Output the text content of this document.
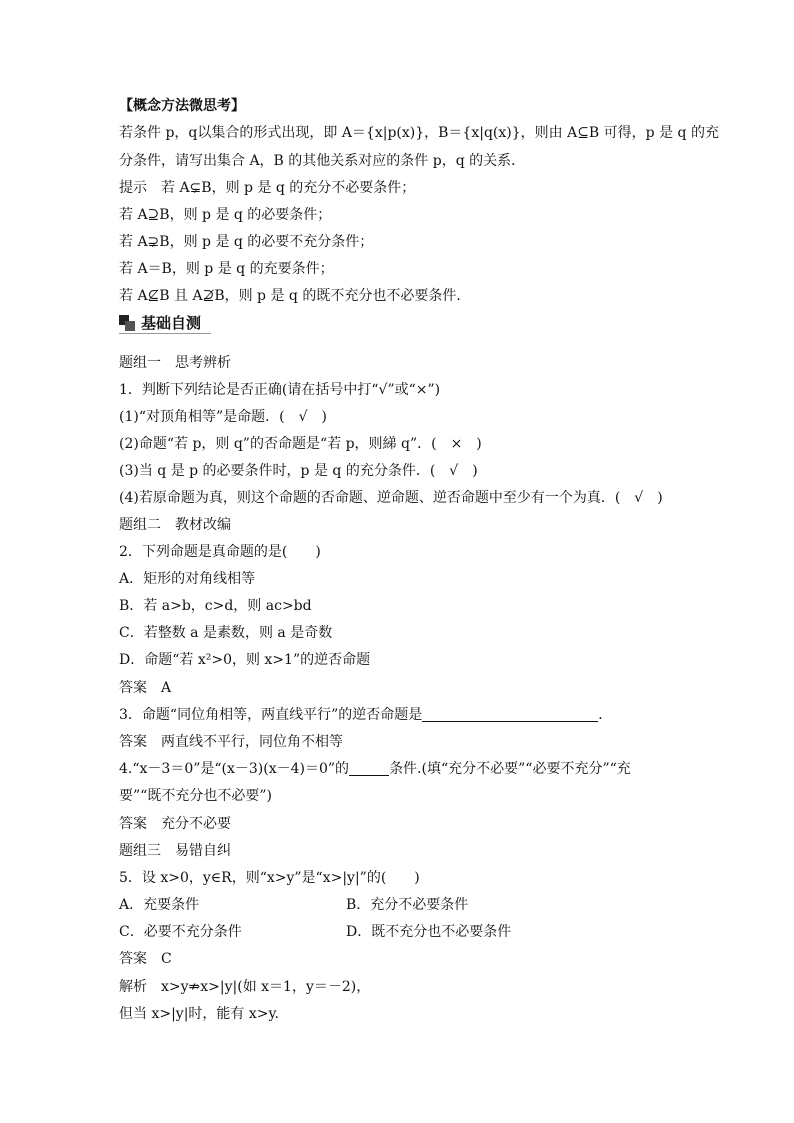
【概念方法微思考】
若条件 p，q以集合的形式出现，即 A＝{x|p(x)}，B＝{x|q(x)}，则由 A⊆B 可得，p 是 q 的充
分条件，请写出集合 A，B 的其他关系对应的条件 p，q 的关系．
提示　若 A⊊B，则 p 是 q 的充分不必要条件；
若 A⊇B，则 p 是 q 的必要条件；
若 A⊋B，则 p 是 q 的必要不充分条件；
若 A＝B，则 p 是 q 的充要条件；
若 A⊈B 且 A⊉B，则 p 是 q 的既不充分也不必要条件．
基础自测
题组一　思考辨析
1．判断下列结论是否正确(请在括号中打“√”或“×”)
(1)“对顶角相等”是命题．(　√　)
(2)命题“若 p，则 q”的否命题是“若 p，则綈 q”．(　×　)
(3)当 q 是 p 的必要条件时，p 是 q 的充分条件．(　√　)
(4)若原命题为真，则这个命题的否命题、逆命题、逆否命题中至少有一个为真．(　√　)
题组二　教材改编
2．下列命题是真命题的是(　　)
A．矩形的对角线相等
B．若 a>b，c>d，则 ac>bd
C．若整数 a 是素数，则 a 是奇数
D．命题“若 x²>0，则 x>1”的逆否命题
答案　A
3．命题“同位角相等，两直线平行”的逆否命题是	．
答案　两直线不平行，同位角不相等
4.“x－3＝0”是“(x－3)(x－4)＝0”的	条件.(填“充分不必要”“必要不充分”“充
要”“既不充分也不必要”)
答案　充分不必要
题组三　易错自纠
5．设 x>0，y∈R，则“x>y”是“x>|y|”的(　　)
A．充要条件	B．充分不必要条件
C．必要不充分条件	D．既不充分也不必要条件
答案　C
解析　x>y⇏x>|y|(如 x＝1，y＝－2)，
但当 x>|y|时，能有 x>y.
